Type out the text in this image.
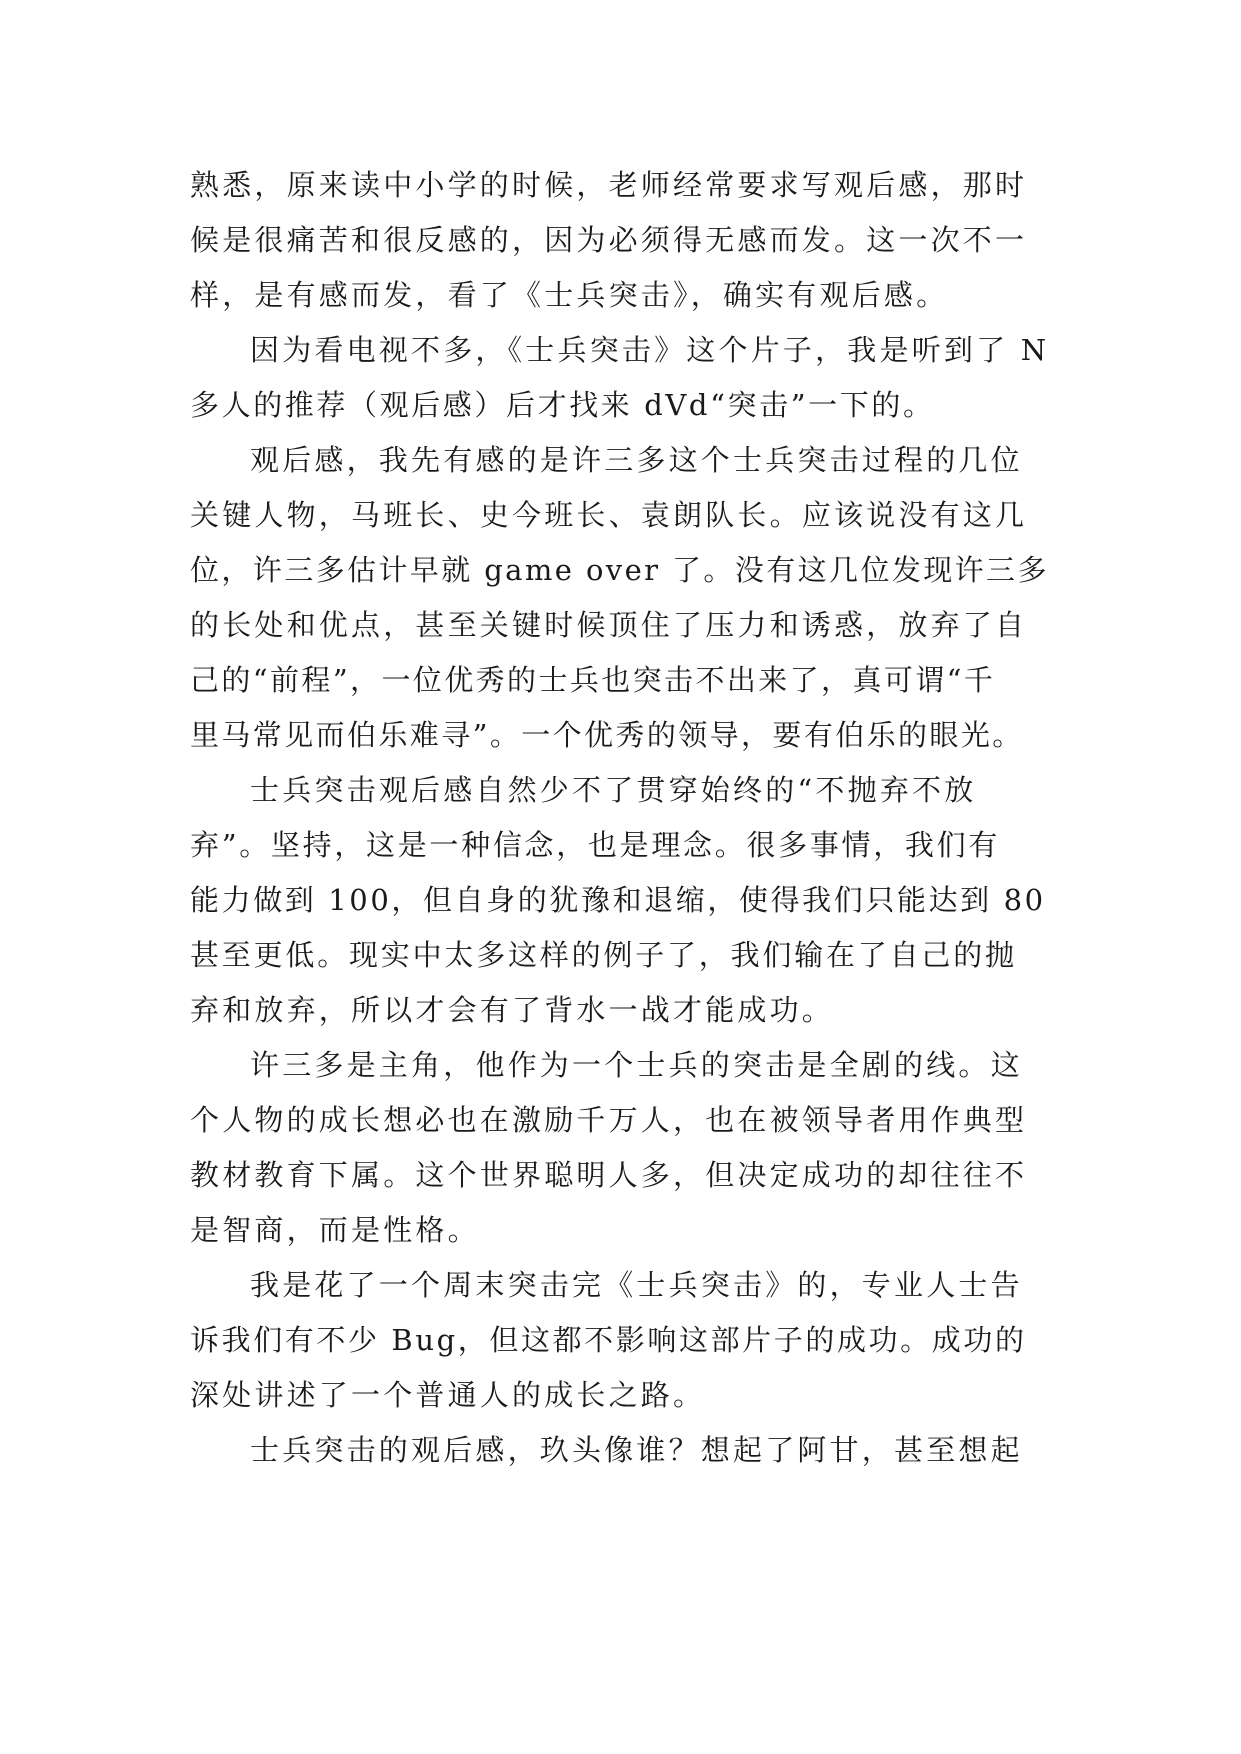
熟悉，原来读中小学的时候，老师经常要求写观后感，那时
候是很痛苦和很反感的，因为必须得无感而发。这一次不一
样，是有感而发，看了《士兵突击》，确实有观后感。
因为看电视不多，《士兵突击》这个片子，我是听到了 N
多人的推荐（观后感）后才找来 dVd“突击”一下的。
观后感，我先有感的是许三多这个士兵突击过程的几位
关键人物，马班长、史今班长、袁朗队长。应该说没有这几
位，许三多估计早就 game over 了。没有这几位发现许三多
的长处和优点，甚至关键时候顶住了压力和诱惑，放弃了自
己的“前程”，一位优秀的士兵也突击不出来了，真可谓“千
里马常见而伯乐难寻”。一个优秀的领导，要有伯乐的眼光。
士兵突击观后感自然少不了贯穿始终的“不抛弃不放
弃”。坚持，这是一种信念，也是理念。很多事情，我们有
能力做到 100，但自身的犹豫和退缩，使得我们只能达到 80
甚至更低。现实中太多这样的例子了，我们输在了自己的抛
弃和放弃，所以才会有了背水一战才能成功。
许三多是主角，他作为一个士兵的突击是全剧的线。这
个人物的成长想必也在激励千万人，也在被领导者用作典型
教材教育下属。这个世界聪明人多，但决定成功的却往往不
是智商，而是性格。
我是花了一个周末突击完《士兵突击》的，专业人士告
诉我们有不少 Bug，但这都不影响这部片子的成功。成功的
深处讲述了一个普通人的成长之路。
士兵突击的观后感，玖头像谁？想起了阿甘，甚至想起
